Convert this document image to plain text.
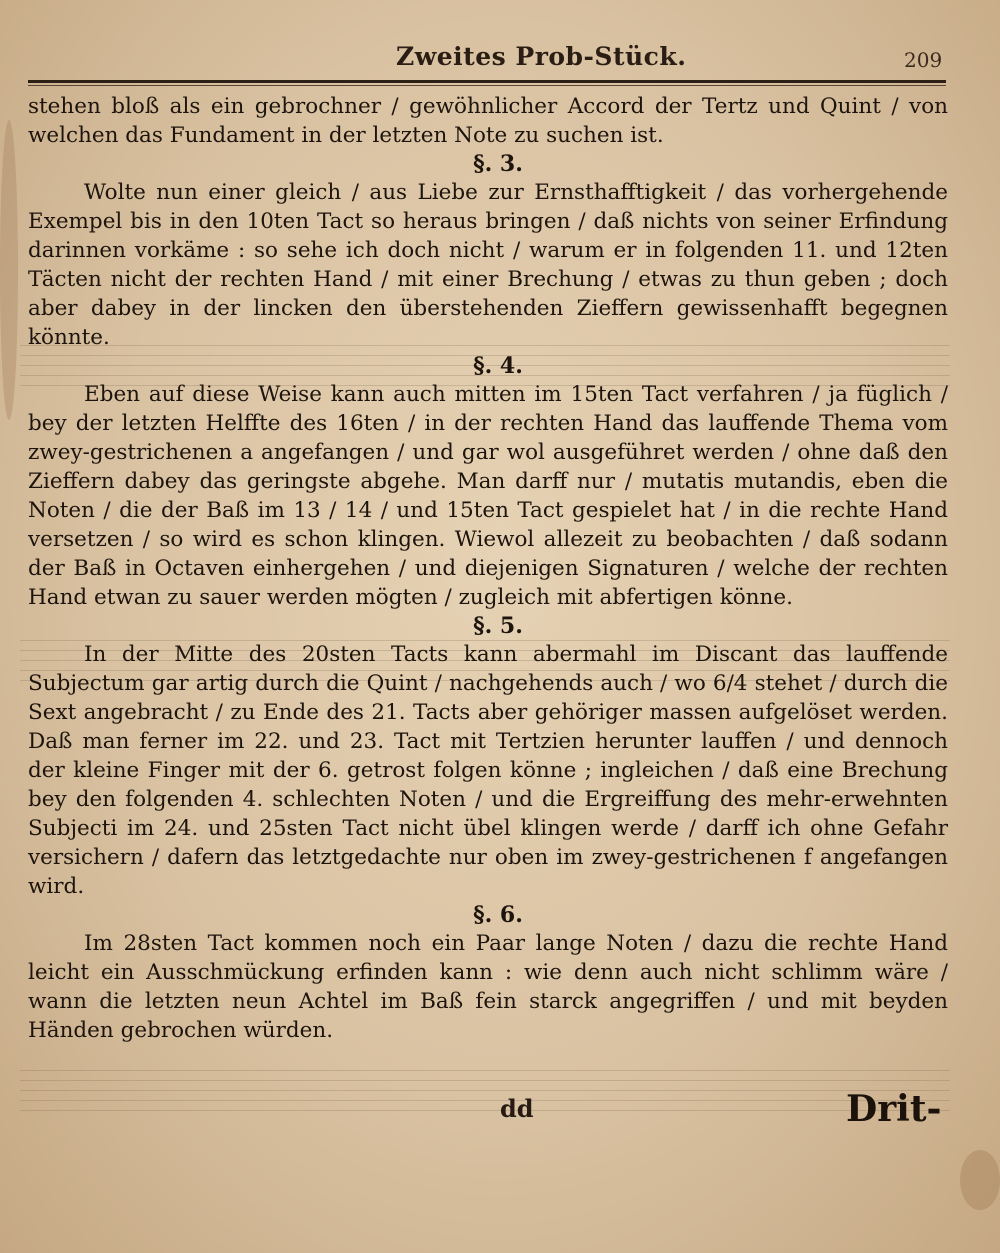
Zweites Prob-Stück.	209

stehen bloß als ein gebrochner / gewöhnlicher Accord der Tertz und Quint / von welchen das Fundament in der letzten Note zu suchen ist.

§. 3.

Wolte nun einer gleich / aus Liebe zur Ernsthafftigkeit / das vorhergehende Exempel bis in den 10ten Tact so heraus bringen / daß nichts von seiner Erfindung darinnen vorkäme : so sehe ich doch nicht / warum er in folgenden 11. und 12ten Täcten nicht der rechten Hand / mit einer Brechung / etwas zu thun geben ; doch aber dabey in der lincken den überstehenden Zieffern gewissenhafft begegnen könnte.

§. 4.

Eben auf diese Weise kann auch mitten im 15ten Tact verfahren / ja füglich / bey der letzten Helffte des 16ten / in der rechten Hand das lauffende Thema vom zwey-gestrichenen a angefangen / und gar wol ausgeführet werden / ohne daß den Zieffern dabey das geringste abgehe. Man darff nur / mutatis mutandis, eben die Noten / die der Baß im 13 / 14 / und 15ten Tact gespielet hat / in die rechte Hand versetzen / so wird es schon klingen. Wiewol allezeit zu beobachten / daß sodann der Baß in Octaven einhergehen / und diejenigen Signaturen / welche der rechten Hand etwan zu sauer werden mögten / zugleich mit abfertigen könne.

§. 5.

In der Mitte des 20sten Tacts kann abermahl im Discant das lauffende Subjectum gar artig durch die Quint / nachgehends auch / wo 6/4 stehet / durch die Sext angebracht / zu Ende des 21. Tacts aber gehöriger massen aufgelöset werden. Daß man ferner im 22. und 23. Tact mit Tertzien herunter lauffen / und dennoch der kleine Finger mit der 6. getrost folgen könne ; ingleichen / daß eine Brechung bey den folgenden 4. schlechten Noten / und die Ergreiffung des mehr-erwehnten Subjecti im 24. und 25sten Tact nicht übel klingen werde / darff ich ohne Gefahr versichern / dafern das letztgedachte nur oben im zwey-gestrichenen f angefangen wird.

§. 6.

Im 28sten Tact kommen noch ein Paar lange Noten / dazu die rechte Hand leicht ein Ausschmückung erfinden kann : wie denn auch nicht schlimm wäre / wann die letzten neun Achtel im Baß fein starck angegriffen / und mit beyden Händen gebrochen würden.

dd	Drit-
